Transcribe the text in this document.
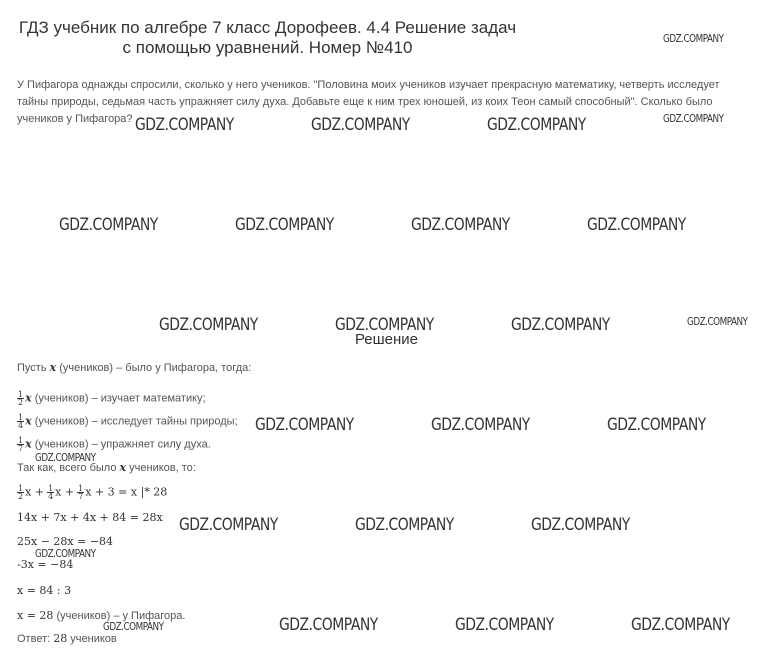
ГДЗ учебник по алгебре 7 класс Дорофеев. 4.4 Решение задач
с помощью уравнений. Номер №410
У Пифагора однажды спросили, сколько у него учеников. "Половина моих учеников изучает прекрасную математику, четверть исследует тайны природы, седьмая часть упражняет силу духа. Добавьте еще к ним трех юношей, из коих Теон самый способный". Сколько было учеников у Пифагора?
Решение
Пусть x (учеников) – было у Пифагора, тогда:
$\frac{1}{2}$ x (учеников) – изучает математику;
$\frac{1}{4}$ x (учеников) – исследует тайны природы;
$\frac{1}{7}$ x (учеников) – упражняет силу духа.
Так как, всего было x учеников, то:
$\frac{1}{2}$ $x + \frac{1}{4}$ $x + \frac{1}{7}$ x + 3 = x |* 28
14x + 7x + 4x + 84 = 28x
25x − 28x = −84
-3x = −84
x = 84 : 3
x = 28 (учеников) – у Пифагора.
Ответ: 28 учеников
GDZ.COMPANY
GDZ.COMPANY
GDZ.COMPANY	GDZ.COMPANY	GDZ.COMPANY
GDZ.COMPANY	GDZ.COMPANY	GDZ.COMPANY	GDZ.COMPANY
GDZ.COMPANY	GDZ.COMPANY	GDZ.COMPANY	GDZ.COMPANY
GDZ.COMPANY	GDZ.COMPANY	GDZ.COMPANY
GDZ.COMPANY
GDZ.COMPANY	GDZ.COMPANY	GDZ.COMPANY
GDZ.COMPANY
GDZ.COMPANY	GDZ.COMPANY	GDZ.COMPANY	GDZ.COMPANY
